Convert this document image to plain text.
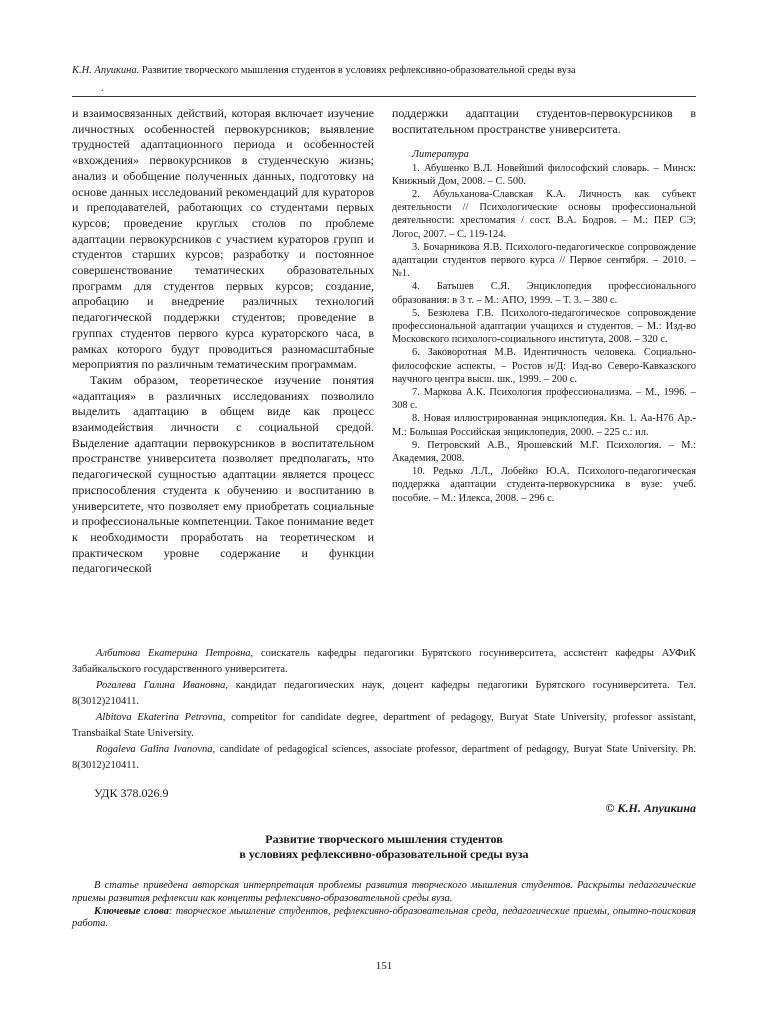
К.Н. Апуикина. Развитие творческого мышления студентов в условиях рефлексивно-образовательной среды вуза
.

и взаимосвязанных действий, которая включает изучение личностных особенностей первокурсников; выявление трудностей адаптационного периода и особенностей «вхождения» первокурсников в студенческую жизнь; анализ и обобщение полученных данных, подготовку на основе данных исследований рекомендаций для кураторов и преподавателей, работающих со студентами первых курсов; проведение круглых столов по проблеме адаптации первокурсников с участием кураторов групп и студентов старших курсов; разработку и постоянное совершенствование тематических образовательных программ для студентов первых курсов; создание, апробацию и внедрение различных технологий педагогической поддержки студентов; проведение в группах студентов первого курса кураторского часа, в рамках которого будут проводиться разномасштабные мероприятия по различным тематическим программам.

Таким образом, теоретическое изучение понятия «адаптация» в различных исследованиях позволило выделить адаптацию в общем виде как процесс взаимодействия личности с социальной средой. Выделение адаптации первокурсников в воспитательном пространстве университета позволяет предполагать, что педагогической сущностью адаптации является процесс приспособления студента к обучению и воспитанию в университете, что позволяет ему приобретать социальные и профессиональные компетенции. Такое понимание ведет к необходимости проработать на теоретическом и практическом уровне содержание и функции педагогической

поддержки адаптации студентов-первокурсников в воспитательном пространстве университета.

Литература

1. Абушенко В.Л. Новейший философский словарь. – Минск: Книжный Дом, 2008. – С. 500.

2. Абульханова-Славская К.А. Личность как субъект деятельности // Психологические основы профессиональной деятельности: хрестоматия / сост. В.А. Бодров. – М.: ПЕР СЭ; Логос, 2007. – С. 119-124.

3. Бочарникова Я.В. Психолого-педагогическое сопровождение адаптации студентов первого курса // Первое сентября. – 2010. – №1.

4. Батьшев С.Я. Энциклопедия профессионального образования: в 3 т. – М.: АПО, 1999. – Т. 3. – 380 с.

5. Безюлева Г.В. Психолого-педагогическое сопровождение профессиональной адаптации учащихся и студентов. – М.: Изд-во Московского психолого-социального института, 2008. – 320 с.

6. Заковоротная М.В. Идентичность человека. Социально-философские аспекты. – Ростов н/Д: Изд-во Северо-Кавказского научного центра высш. шк., 1999. – 200 с.

7. Маркова А.К. Психология профессионализма. – М., 1996. – 308 с.

8. Новая иллюстрированная энциклопедия. Кн. 1. Аа-Н76 Ар.-М.: Большая Российская энциклопедия, 2000. – 225 с.: ил.

9. Петровский А.В., Ярошевский М.Г. Психология. – М.: Академия, 2008.

10. Редько Л.Л., Лобейко Ю.А. Психолого-педагогическая поддержка адаптации студента-первокурсника в вузе: учеб. пособие. – М.: Илекса, 2008. – 296 с.

Албитова Екатерина Петровна, соискатель кафедры педагогики Бурятского госуниверситета, ассистент кафедры АУФиК Забайкальского государственного университета.

Рогалева Галина Ивановна, кандидат педагогических наук, доцент кафедры педагогики Бурятского госуниверситета. Тел. 8(3012)210411.

Albitova Ekaterina Petrovna, competitor for candidate degree, department of pedagogy, Buryat State University, professor assistant, Transbaikal State University.

Rogaleva Galina Ivanovna, candidate of pedagogical sciences, associate professor, department of pedagogy, Buryat State University. Ph. 8(3012)210411.

УДК 378.026.9
© К.Н. Апуикина
Развитие творческого мышления студентов
в условиях рефлексивно-образовательной среды вуза

В статье приведена авторская интерпретация проблемы развития творческого мышления студентов. Раскрыты педагогические приемы развития рефлексии как концепты рефлексивно-образовательной среды вуза.

Ключевые слова: творческое мышление студентов, рефлексивно-образовательная среда, педагогические приемы, опытно-поисковая работа.

151
